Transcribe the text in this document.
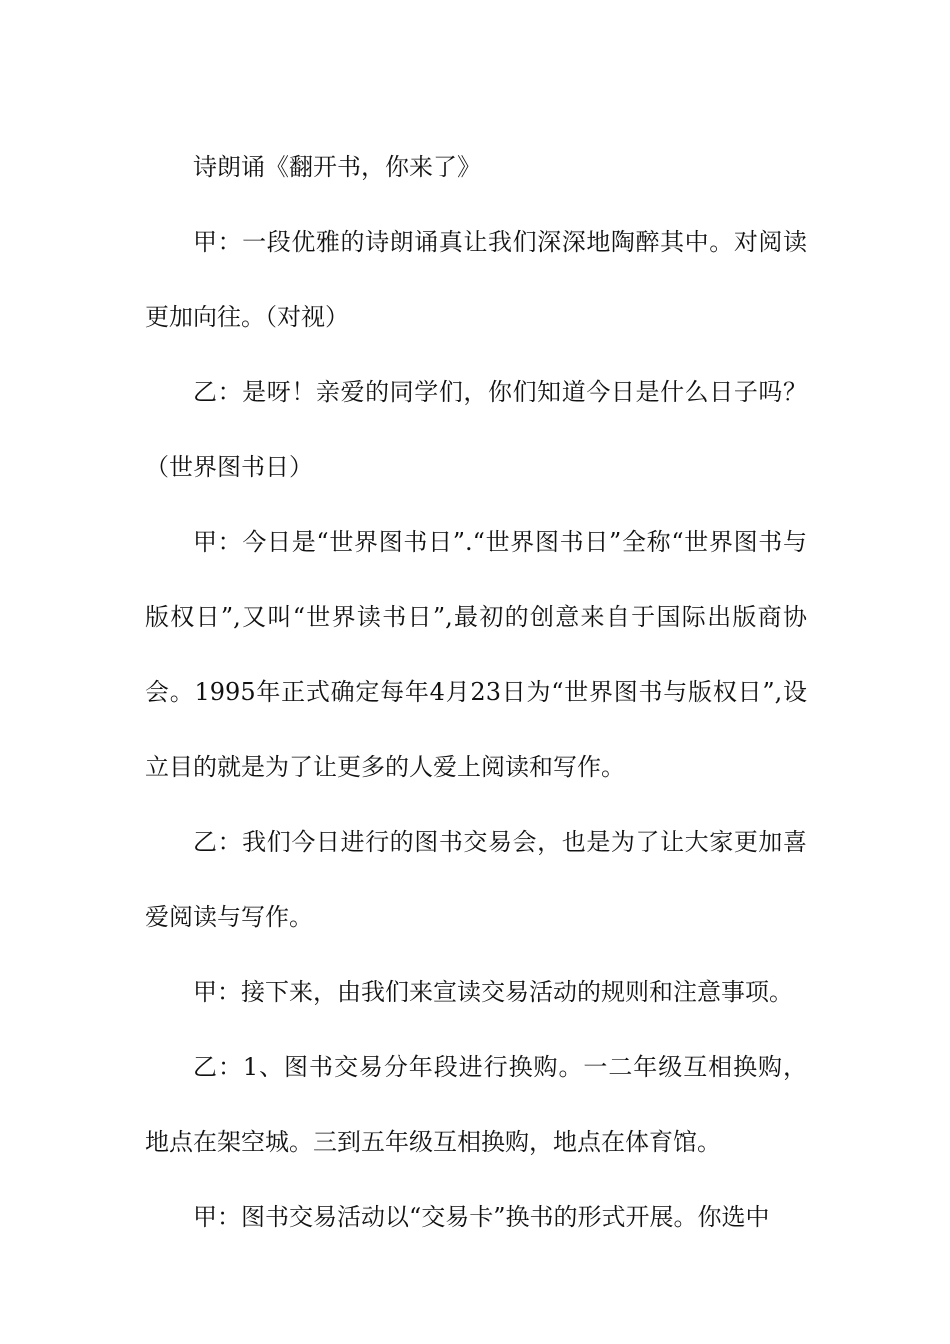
诗朗诵《翻开书，你来了》

甲：一段优雅的诗朗诵真让我们深深地陶醉其中。对阅读更加向往。（对视）

乙：是呀！亲爱的同学们，你们知道今日是什么日子吗？（世界图书日）

甲：今日是“世界图书日”.“世界图书日”全称“世界图书与版权日”,又叫“世界读书日”,最初的创意来自于国际出版商协会。1995年正式确定每年4月23日为“世界图书与版权日”,设立目的就是为了让更多的人爱上阅读和写作。

乙：我们今日进行的图书交易会，也是为了让大家更加喜爱阅读与写作。

甲：接下来，由我们来宣读交易活动的规则和注意事项。

乙：1、图书交易分年段进行换购。一二年级互相换购，地点在架空城。三到五年级互相换购，地点在体育馆。

甲：图书交易活动以“交易卡”换书的形式开展。你选中
